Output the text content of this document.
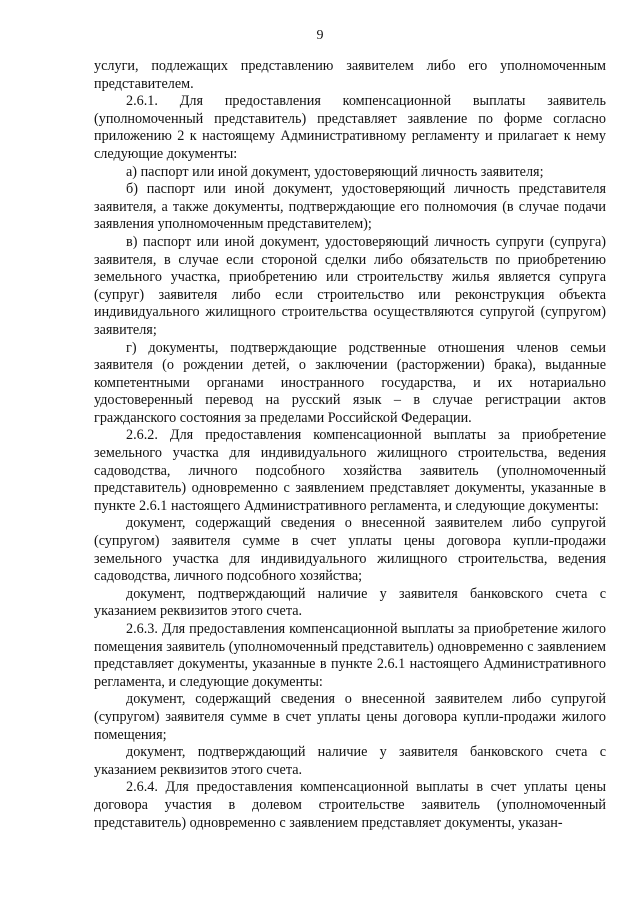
9

услуги, подлежащих представлению заявителем либо его уполномоченным представителем.

2.6.1. Для предоставления компенсационной выплаты заявитель (уполномоченный представитель) представляет заявление по форме согласно приложению 2 к настоящему Административному регламенту и прилагает к нему следующие документы:

а) паспорт или иной документ, удостоверяющий личность заявителя;

б) паспорт или иной документ, удостоверяющий личность представителя заявителя, а также документы, подтверждающие его полномочия (в случае подачи заявления уполномоченным представителем);

в) паспорт или иной документ, удостоверяющий личность супруги (супруга) заявителя, в случае если стороной сделки либо обязательств по приобретению земельного участка, приобретению или строительству жилья является супруга (супруг) заявителя либо если строительство или реконструкция объекта индивидуального жилищного строительства осуществляются супругой (супругом) заявителя;

г) документы, подтверждающие родственные отношения членов семьи заявителя (о рождении детей, о заключении (расторжении) брака), выданные компетентными органами иностранного государства, и их нотариально удостоверенный перевод на русский язык – в случае регистрации актов гражданского состояния за пределами Российской Федерации.

2.6.2. Для предоставления компенсационной выплаты за приобретение земельного участка для индивидуального жилищного строительства, ведения садоводства, личного подсобного хозяйства заявитель (уполномоченный представитель) одновременно с заявлением представляет документы, указанные в пункте 2.6.1 настоящего Административного регламента, и следующие документы:

документ, содержащий сведения о внесенной заявителем либо супругой (супругом) заявителя сумме в счет уплаты цены договора купли-продажи земельного участка для индивидуального жилищного строительства, ведения садоводства, личного подсобного хозяйства;

документ, подтверждающий наличие у заявителя банковского счета с указанием реквизитов этого счета.

2.6.3. Для предоставления компенсационной выплаты за приобретение жилого помещения заявитель (уполномоченный представитель) одновременно с заявлением представляет документы, указанные в пункте 2.6.1 настоящего Административного регламента, и следующие документы:

документ, содержащий сведения о внесенной заявителем либо супругой (супругом) заявителя сумме в счет уплаты цены договора купли-продажи жилого помещения;

документ, подтверждающий наличие у заявителя банковского счета с указанием реквизитов этого счета.

2.6.4. Для предоставления компенсационной выплаты в счет уплаты цены договора участия в долевом строительстве заявитель (уполномоченный представитель) одновременно с заявлением представляет документы, указан-
